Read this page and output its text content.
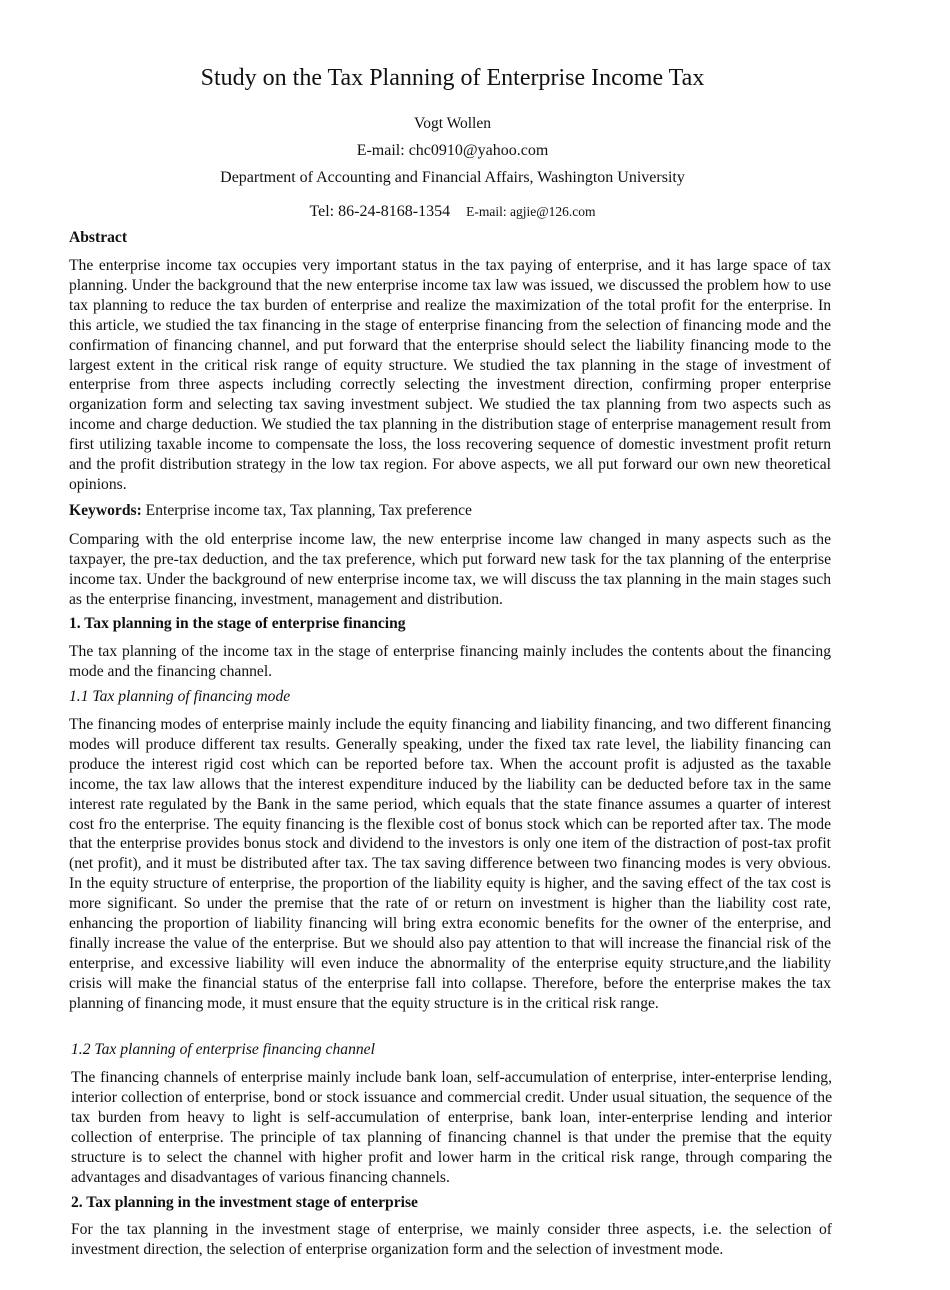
Study on the Tax Planning of Enterprise Income Tax
Vogt Wollen
E-mail: chc0910@yahoo.com
Department of Accounting and Financial Affairs, Washington University
Tel: 86-24-8168-1354 E-mail: agjie@126.com
Abstract

The enterprise income tax occupies very important status in the tax paying of enterprise, and it has large space of tax planning. Under the background that the new enterprise income tax law was issued, we discussed the problem how to use tax planning to reduce the tax burden of enterprise and realize the maximization of the total profit for the enterprise. In this article, we studied the tax financing in the stage of enterprise financing from the selection of financing mode and the confirmation of financing channel, and put forward that the enterprise should select the liability financing mode to the largest extent in the critical risk range of equity structure. We studied the tax planning in the stage of investment of enterprise from three aspects including correctly selecting the investment direction, confirming proper enterprise organization form and selecting tax saving investment subject. We studied the tax planning from two aspects such as income and charge deduction. We studied the tax planning in the distribution stage of enterprise management result from first utilizing taxable income to compensate the loss, the loss recovering sequence of domestic investment profit return and the profit distribution strategy in the low tax region. For above aspects, we all put forward our own new theoretical opinions.

Keywords: Enterprise income tax, Tax planning, Tax preference

Comparing with the old enterprise income law, the new enterprise income law changed in many aspects such as the taxpayer, the pre-tax deduction, and the tax preference, which put forward new task for the tax planning of the enterprise income tax. Under the background of new enterprise income tax, we will discuss the tax planning in the main stages such as the enterprise financing, investment, management and distribution.

1. Tax planning in the stage of enterprise financing

The tax planning of the income tax in the stage of enterprise financing mainly includes the contents about the financing mode and the financing channel.

1.1 Tax planning of financing mode

The financing modes of enterprise mainly include the equity financing and liability financing, and two different financing modes will produce different tax results. Generally speaking, under the fixed tax rate level, the liability financing can produce the interest rigid cost which can be reported before tax. When the account profit is adjusted as the taxable income, the tax law allows that the interest expenditure induced by the liability can be deducted before tax in the same interest rate regulated by the Bank in the same period, which equals that the state finance assumes a quarter of interest cost fro the enterprise. The equity financing is the flexible cost of bonus stock which can be reported after tax. The mode that the enterprise provides bonus stock and dividend to the investors is only one item of the distraction of post-tax profit (net profit), and it must be distributed after tax. The tax saving difference between two financing modes is very obvious. In the equity structure of enterprise, the proportion of the liability equity is higher, and the saving effect of the tax cost is more significant. So under the premise that the rate of or return on investment is higher than the liability cost rate, enhancing the proportion of liability financing will bring extra economic benefits for the owner of the enterprise, and finally increase the value of the enterprise. But we should also pay attention to that will increase the financial risk of the enterprise, and excessive liability will even induce the abnormality of the enterprise equity structure,and the liability crisis will make the financial status of the enterprise fall into collapse. Therefore, before the enterprise makes the tax planning of financing mode, it must ensure that the equity structure is in the critical risk range.

1.2 Tax planning of enterprise financing channel

The financing channels of enterprise mainly include bank loan, self-accumulation of enterprise, inter-enterprise lending, interior collection of enterprise, bond or stock issuance and commercial credit. Under usual situation, the sequence of the tax burden from heavy to light is self-accumulation of enterprise, bank loan, inter-enterprise lending and interior collection of enterprise. The principle of tax planning of financing channel is that under the premise that the equity structure is to select the channel with higher profit and lower harm in the critical risk range, through comparing the advantages and disadvantages of various financing channels.

2. Tax planning in the investment stage of enterprise

For the tax planning in the investment stage of enterprise, we mainly consider three aspects, i.e. the selection of investment direction, the selection of enterprise organization form and the selection of investment mode.
